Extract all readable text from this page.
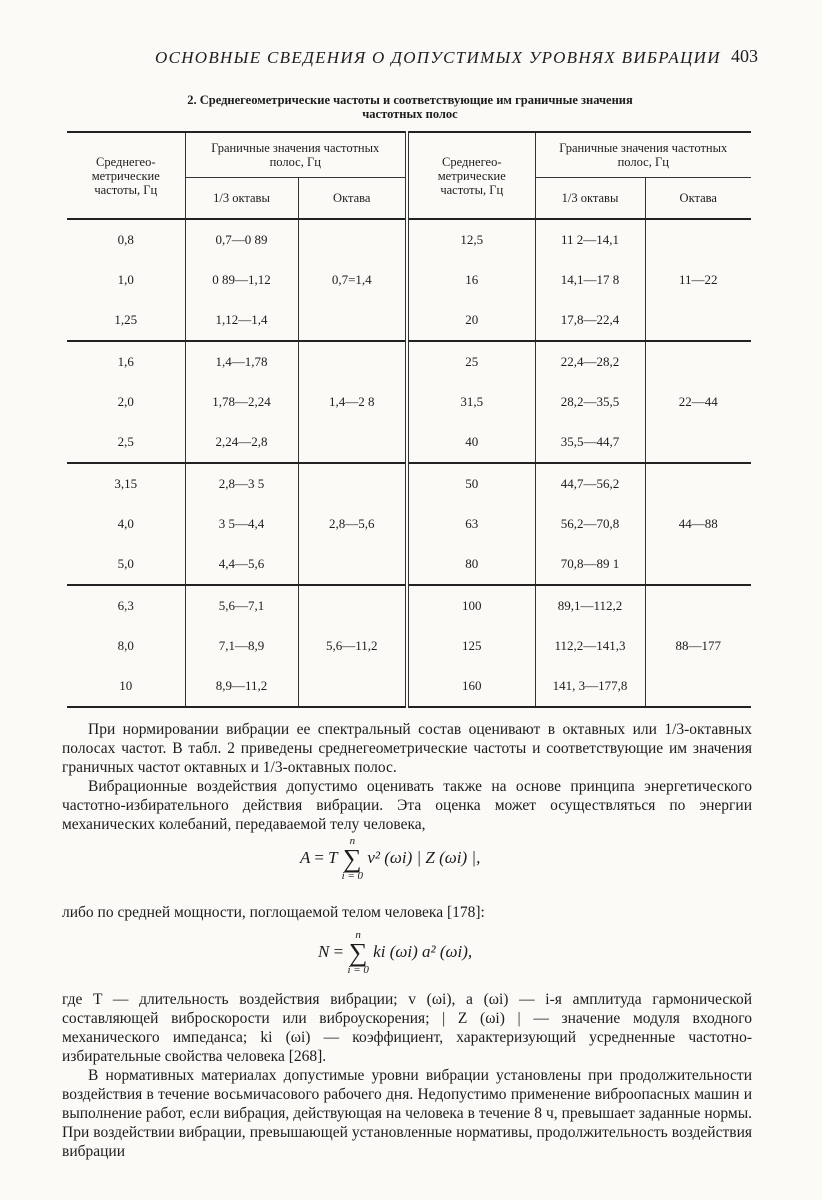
ОСНОВНЫЕ СВЕДЕНИЯ О ДОПУСТИМЫХ УРОВНЯХ ВИБРАЦИИ 403
2. Среднегеометрические частоты и соответствующие им граничные значения
частотных полос
Среднегео-метрические частоты, Гц	Граничные значения частотных полос, Гц		Среднегео-метрические частоты, Гц	Граничные значения частотных полос, Гц	
	1/3 октавы	Октава		1/3 октавы	Октава
0,8	0,7—0 89	0,7=1,4	12,5	11 2—14,1	11—22
1,0	0 89—1,12		16	14,1—17 8	
1,25	1,12—1,4		20	17,8—22,4	
1,6	1,4—1,78	1,4—2 8	25	22,4—28,2	22—44
2,0	1,78—2,24		31,5	28,2—35,5	
2,5	2,24—2,8		40	35,5—44,7	
3,15	2,8—3 5	2,8—5,6	50	44,7—56,2	44—88
4,0	3 5—4,4		63	56,2—70,8	
5,0	4,4—5,6		80	70,8—89 1	
6,3	5,6—7,1	5,6—11,2	100	89,1—112,2	88—177
8,0	7,1—8,9		125	112,2—141,3	
10	8,9—11,2		160	141, 3—177,8	

При нормировании вибрации ее спектральный состав оценивают в октавных или 1/3-октавных полосах частот. В табл. 2 приведены среднегеометрические частоты и соответствующие им значения граничных частот октавных и 1/3-октавных полос.

Вибрационные воздействия допустимо оценивать также на основе принципа энергетического частотно-избирательного действия вибрации. Эта оценка может осуществляться по энергии механических колебаний, передаваемой телу человека,

A = T
n
∑
i = 0
v² (ωi) | Z (ωi) |,

либо по средней мощности, поглощаемой телом человека [178]:

N =
n
∑
i = 0
ki (ωi) a² (ωi),

где T — длительность воздействия вибрации; v (ωi), a (ωi) — i-я амплитуда гармонической составляющей виброскорости или виброускорения; | Z (ωi) | — значение модуля входного механического импеданса; ki (ωi) — коэффициент, характеризующий усредненные частотно-избирательные свойства человека [268].

В нормативных материалах допустимые уровни вибрации установлены при продолжительности воздействия в течение восьмичасового рабочего дня. Недопустимо применение виброопасных машин и выполнение работ, если вибрация, действующая на человека в течение 8 ч, превышает заданные нормы. При воздействии вибрации, превышающей установленные нормативы, продолжительность воздействия вибрации
